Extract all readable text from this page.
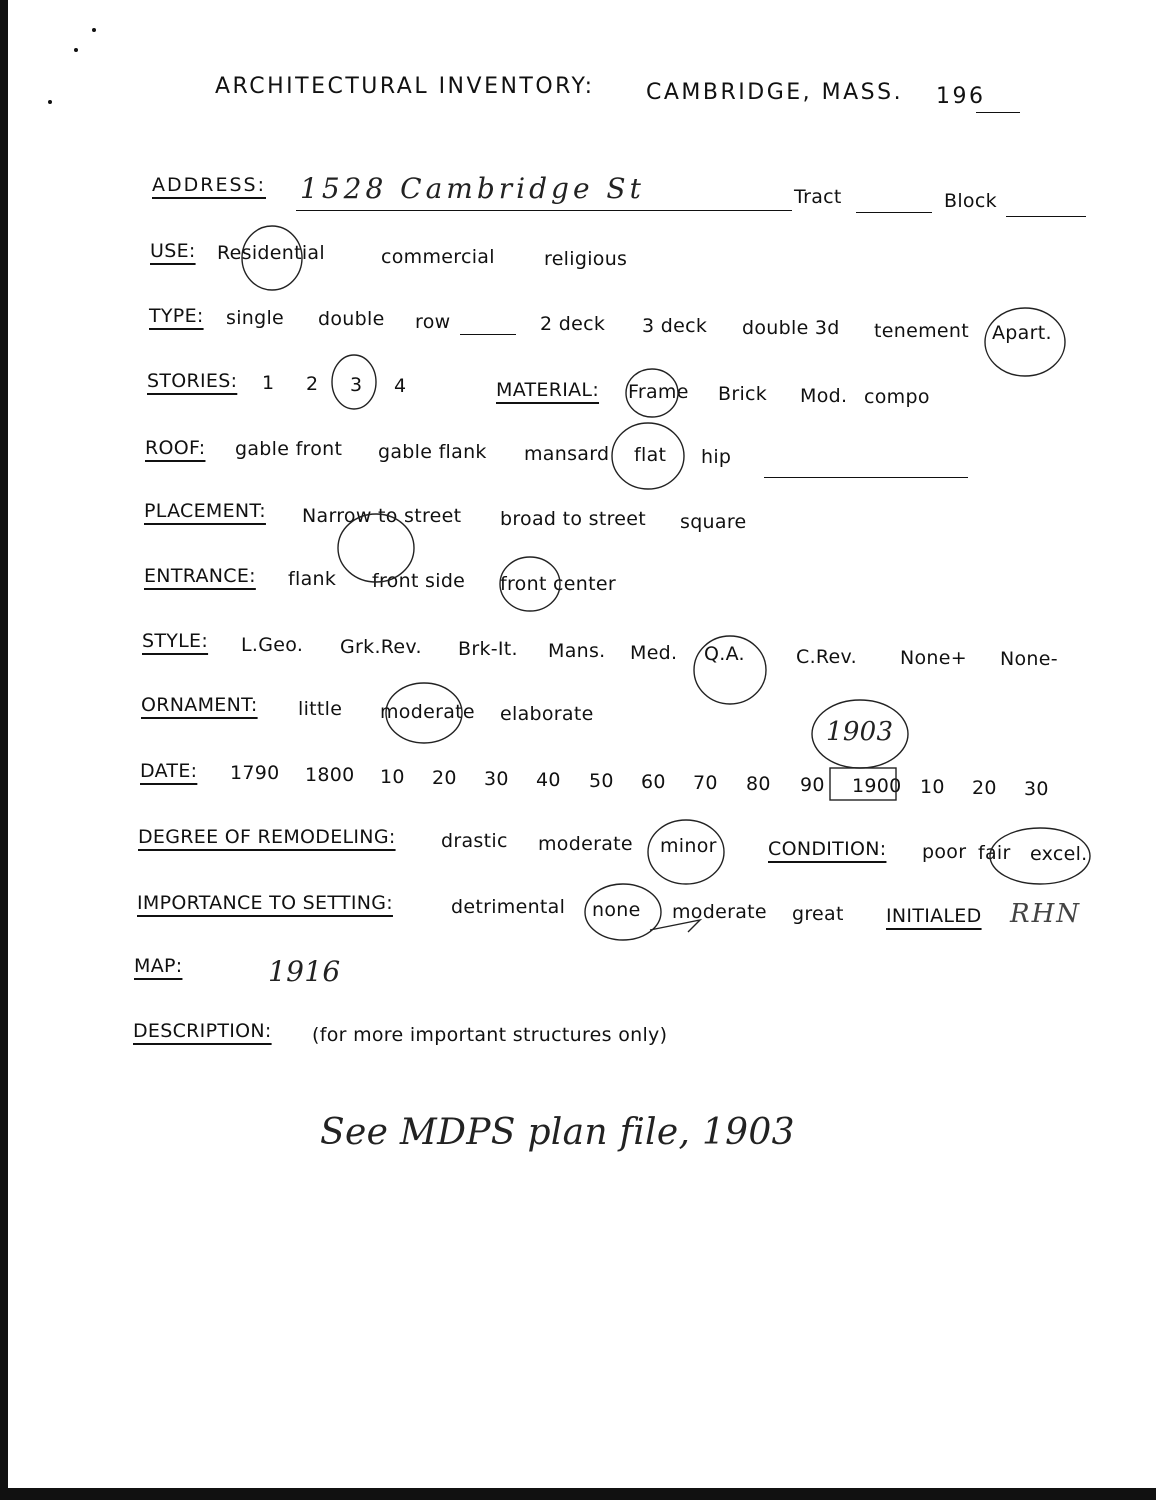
ARCHITECTURAL INVENTORY: CAMBRIDGE, MASS. 196
ADDRESS: 1528 Cambridge St	Tract	Block
USE: Residential	commercial	religious
TYPE: single double row	2 deck 3 deck double 3d tenement Apart.
STORIES: 1 2 3 4	MATERIAL: Frame Brick Mod. compo
ROOF: gable front gable flank mansard flat hip
PLACEMENT: Narrow to street broad to street square
ENTRANCE: flank front side front center
STYLE: L.Geo. Grk.Rev. Brk-It. Mans. Med. Q.A.	C.Rev. None+ None-
ORNAMENT: little moderate elaborate
DATE: 1790 1800 10 20 30 40 50 60 70 80 90 1900 10 20 30
1903
DEGREE OF REMODELING: drastic moderate minor	CONDITION: poor fair excel.
IMPORTANCE TO SETTING:	detrimental none moderate great INITIALED RHN
MAP:	1916
DESCRIPTION: (for more important structures only)
See MDPS plan file, 1903
